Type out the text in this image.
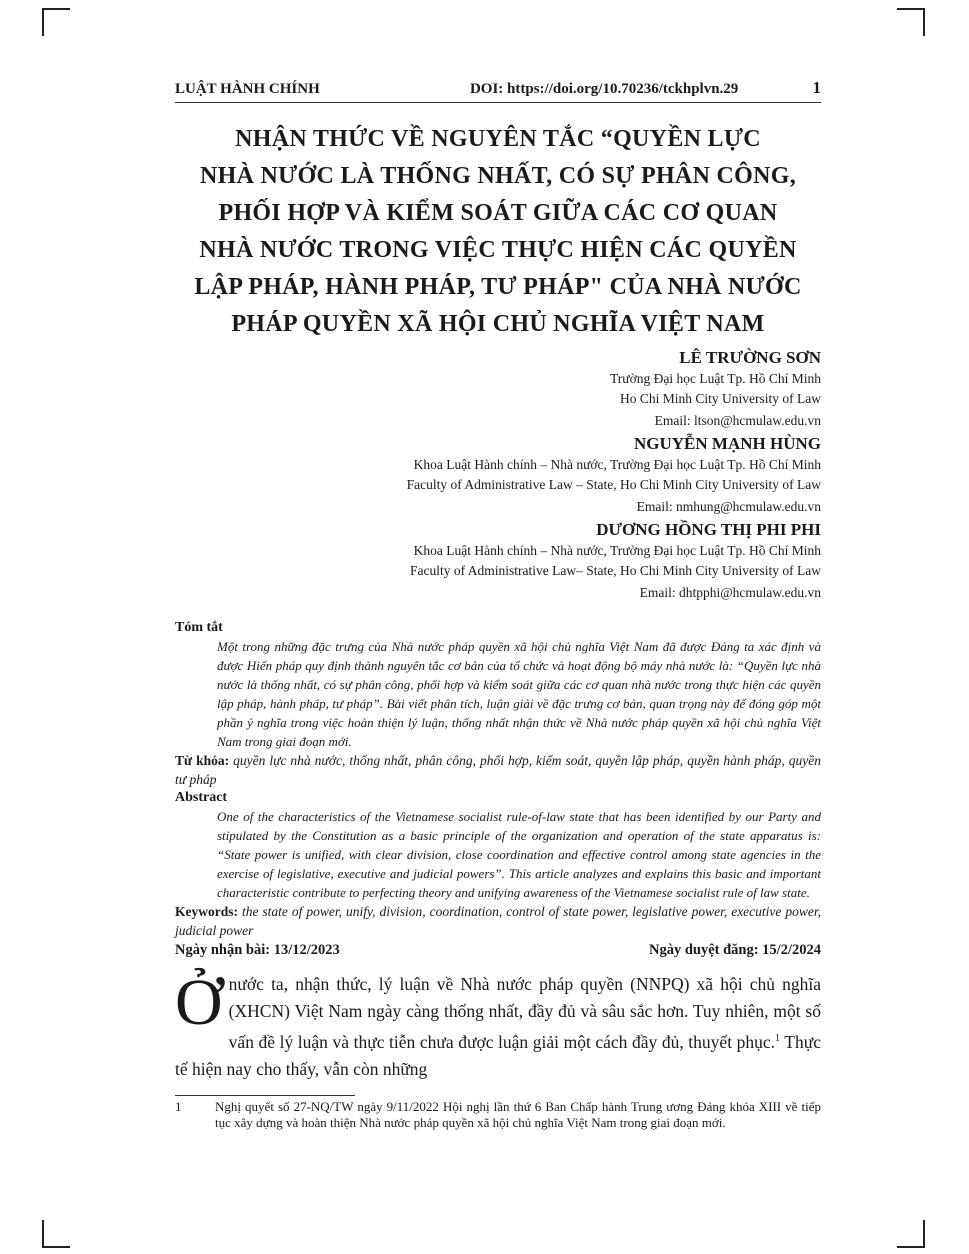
LUẬT HÀNH CHÍNH	DOI: https://doi.org/10.70236/tckhplvn.29	1
NHẬN THỨC VỀ NGUYÊN TẮC “QUYỀN LỰC
NHÀ NƯỚC LÀ THỐNG NHẤT, CÓ SỰ PHÂN CÔNG,
PHỐI HỢP VÀ KIỂM SOÁT GIỮA CÁC CƠ QUAN
NHÀ NƯỚC TRONG VIỆC THỰC HIỆN CÁC QUYỀN
LẬP PHÁP, HÀNH PHÁP, TƯ PHÁP" CỦA NHÀ NƯỚC
PHÁP QUYỀN XÃ HỘI CHỦ NGHĨA VIỆT NAM
LÊ TRƯỜNG SƠN
Trường Đại học Luật Tp. Hồ Chí Minh
Ho Chi Minh City University of Law
Email: ltson@hcmulaw.edu.vn
NGUYỄN MẠNH HÙNG
Khoa Luật Hành chính – Nhà nước, Trường Đại học Luật Tp. Hồ Chí Minh
Faculty of Administrative Law – State, Ho Chi Minh City University of Law
Email: nmhung@hcmulaw.edu.vn
DƯƠNG HỒNG THỊ PHI PHI
Khoa Luật Hành chính – Nhà nước, Trường Đại học Luật Tp. Hồ Chí Minh
Faculty of Administrative Law– State, Ho Chi Minh City University of Law
Email: dhtpphi@hcmulaw.edu.vn
Tóm tắt
Một trong những đặc trưng của Nhà nước pháp quyền xã hội chủ nghĩa Việt Nam đã được Đảng ta xác định và được Hiến pháp quy định thành nguyên tắc cơ bản của tổ chức và hoạt động bộ máy nhà nước là: “Quyền lực nhà nước là thống nhất, có sự phân công, phối hợp và kiểm soát giữa các cơ quan nhà nước trong thực hiện các quyền lập pháp, hành pháp, tư pháp”. Bài viết phân tích, luận giải về đặc trưng cơ bản, quan trọng này để đóng góp một phần ý nghĩa trong việc hoàn thiện lý luận, thống nhất nhận thức về Nhà nước pháp quyền xã hội chủ nghĩa Việt Nam trong giai đoạn mới.
Từ khóa: quyền lực nhà nước, thống nhất, phân công, phối hợp, kiểm soát, quyền lập pháp, quyền hành pháp, quyền tư pháp
Abstract
One of the characteristics of the Vietnamese socialist rule-of-law state that has been identified by our Party and stipulated by the Constitution as a basic principle of the organization and operation of the state apparatus is: “State power is unified, with clear division, close coordination and effective control among state agencies in the exercise of legislative, executive and judicial powers”. This article analyzes and explains this basic and important characteristic contribute to perfecting theory and unifying awareness of the Vietnamese socialist rule of law state.
Keywords: the state of power, unify, division, coordination, control of state power, legislative power, executive power, judicial power
Ngày nhận bài: 13/12/2023	Ngày duyệt đăng: 15/2/2024
Ở nước ta, nhận thức, lý luận về Nhà nước pháp quyền (NNPQ) xã hội chủ nghĩa (XHCN) Việt Nam ngày càng thống nhất, đầy đủ và sâu sắc hơn. Tuy nhiên, một số vấn đề lý luận và thực tiễn chưa được luận giải một cách đầy đủ, thuyết phục.$^1$ Thực tế hiện nay cho thấy, vẫn còn những
1	Nghị quyết số 27-NQ/TW ngày 9/11/2022 Hội nghị lần thứ 6 Ban Chấp hành Trung ương Đảng khóa XIII về tiếp tục xây dựng và hoàn thiện Nhà nước pháp quyền xã hội chủ nghĩa Việt Nam trong giai đoạn mới.
